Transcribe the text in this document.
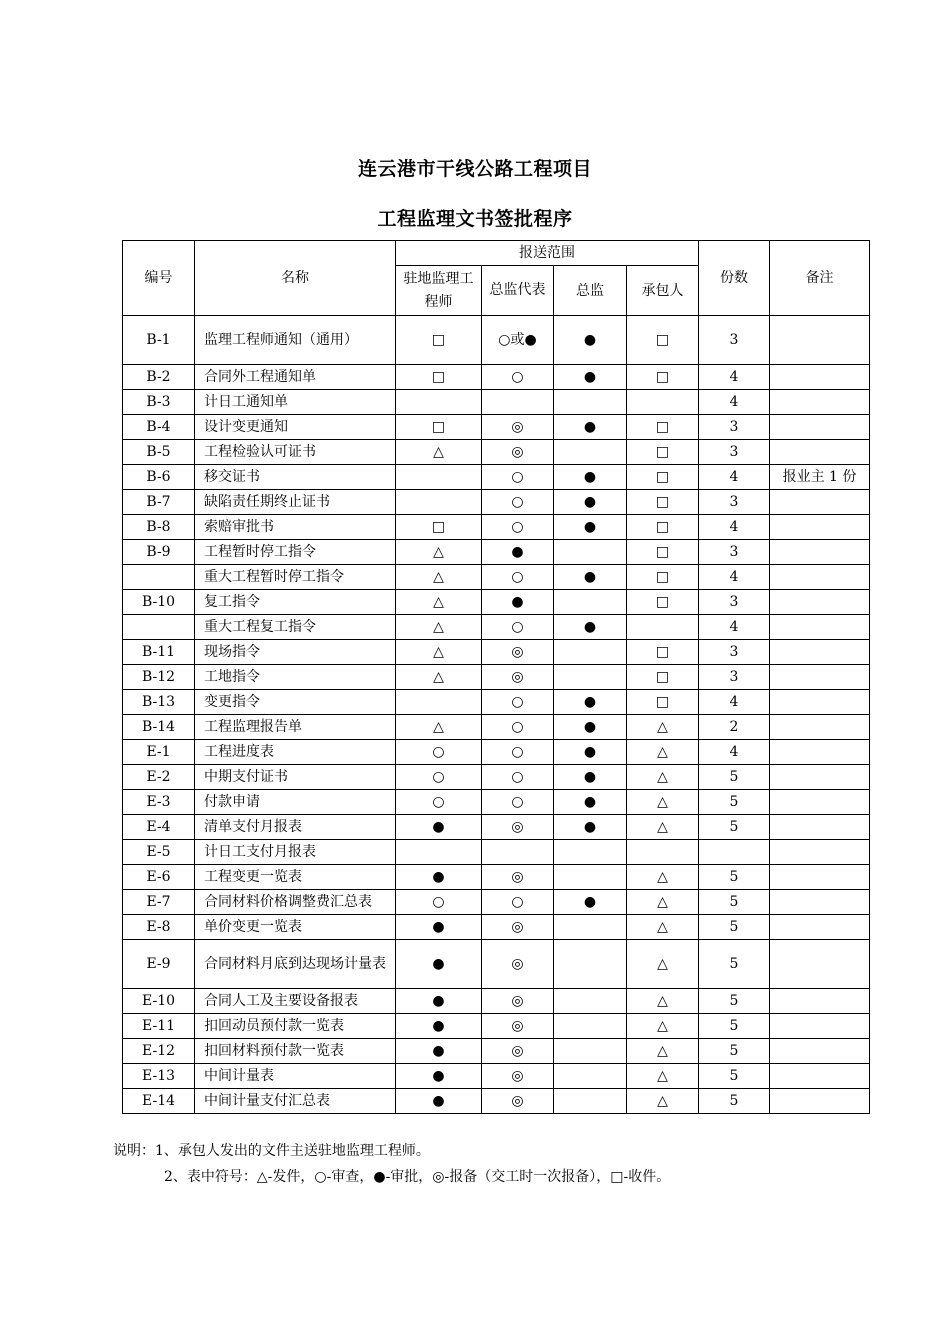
连云港市干线公路工程项目
工程监理文书签批程序
编号	名称	报送范围				份数	备注
		驻地监理工程师	总监代表	总监	承包人		
B-1	监理工程师通知（通用）	□	○或●	●	□	3	
B-2	合同外工程通知单	□	○	●	□	4	
B-3	计日工通知单					4	
B-4	设计变更通知	□	◎	●	□	3	
B-5	工程检验认可证书	△	◎		□	3	
B-6	移交证书		○	●	□	4	报业主 1 份
B-7	缺陷责任期终止证书		○	●	□	3	
B-8	索赔审批书	□	○	●	□	4	
B-9	工程暂时停工指令	△	●		□	3	
	重大工程暂时停工指令	△	○	●	□	4	
B-10	复工指令	△	●		□	3	
	重大工程复工指令	△	○	●		4	
B-11	现场指令	△	◎		□	3	
B-12	工地指令	△	◎		□	3	
B-13	变更指令		○	●	□	4	
B-14	工程监理报告单	△	○	●	△	2	
E-1	工程进度表	○	○	●	△	4	
E-2	中期支付证书	○	○	●	△	5	
E-3	付款申请	○	○	●	△	5	
E-4	清单支付月报表	●	◎	●	△	5	
E-5	计日工支付月报表						
E-6	工程变更一览表	●	◎		△	5	
E-7	合同材料价格调整费汇总表	○	○	●	△	5	
E-8	单价变更一览表	●	◎		△	5	
E-9	合同材料月底到达现场计量表	●	◎		△	5	
E-10	合同人工及主要设备报表	●	◎		△	5	
E-11	扣回动员预付款一览表	●	◎		△	5	
E-12	扣回材料预付款一览表	●	◎		△	5	
E-13	中间计量表	●	◎		△	5	
E-14	中间计量支付汇总表	●	◎		△	5	
说明：1、承包人发出的文件主送驻地监理工程师。
2、表中符号：△-发件，○-审查，●-审批，◎-报备（交工时一次报备），□-收件。
